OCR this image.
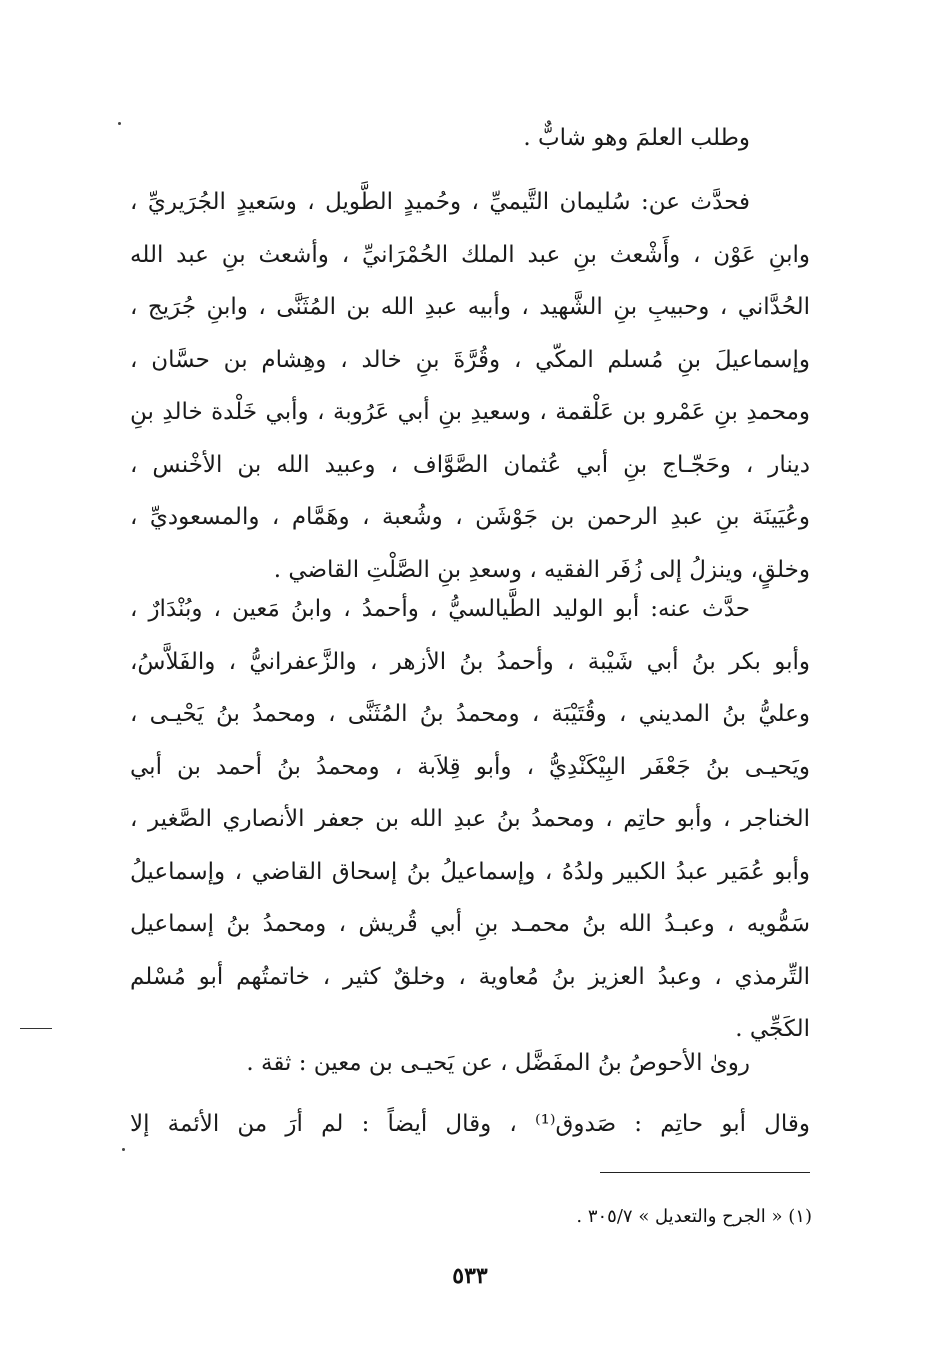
وطلب العلمَ وهو شابٌّ .
فحدَّث عن: سُليمان التَّيميِّ ، وحُميدٍ الطَّويل ، وسَعيدٍ الجُرَيريِّ ،
وابنِ عَوْن ، وأَشْعث بنِ عبد الملك الحُمْرَانيِّ ، وأشعث بنِ عبد الله
الحُدَّاني ، وحبيبِ بنِ الشَّهيد ، وأبيه عبدِ الله بن المُثَنَّى ، وابنِ جُرَيج ،
وإسماعيلَ بنِ مُسلم المكّي ، وقُرَّةَ بنِ خالد ، وهِشام بن حسَّان ،
ومحمدِ بنِ عَمْرو بن عَلْقمة ، وسعيدِ بنِ أبي عَرُوبة ، وأبي خَلْدة خالدِ بنِ
دينار ، وحَجّـاج بنِ أبي عُثمان الصَّوَّاف ، وعبيد الله بن الأخْنس ،
وعُيَينَة بنِ عبدِ الرحمن بن جَوْشَن ، وشُعبة ، وهَمَّام ، والمسعوديِّ ،
وخلقٍ، وينزلُ إلى زُفَر الفقيه ، وسعدِ بنِ الصَّلْتِ القاضي .
حدَّث عنه: أبو الوليد الطَّيالسيُّ ، وأحمدُ ، وابنُ مَعين ، وبُنْدَارٌ ،
وأبو بكر بنُ أبي شَيْبة ، وأحمدُ بنُ الأزهر ، والزَّعفرانيُّ ، والفَلاَّسُ،
وعليُّ بنُ المديني ، وقُتَيْبَة ، ومحمدُ بنُ المُثَنَّى ، ومحمدُ بنُ يَحْيـى ،
ويَحيـى بنُ جَعْفَر البِيْكَنْدِيُّ ، وأبو قِلاَبة ، ومحمدُ بنُ أحمد بن أبي
الخناجر ، وأبو حاتِم ، ومحمدُ بنُ عبدِ الله بن جعفر الأنصاري الصَّغير ،
وأبو عُمَير عبدُ الكبير ولدُهُ ، وإسماعيلُ بنُ إسحاق القاضي ، وإسماعيلُ
سَمُّويه ، وعبـدُ الله بنُ محمـد بنِ أبي قُريش ، ومحمدُ بنُ إسماعيل
التِّرمذي ، وعبدُ العزيز بنُ مُعاوية ، وخلقٌ كثير ، خاتمتُهم أبو مُسْلم
الكَجِّي .
روىٰ الأحوصُ بنُ المفَضَّل ، عن يَحيـى بن معين : ثقة .
وقال أبو حاتِم : صَدوق⁽¹⁾ ، وقال أيضاً : لم أرَ من الأئمة إلا
(١) « الجرح والتعديل » ٣٠٥/٧ .
٥٣٣
